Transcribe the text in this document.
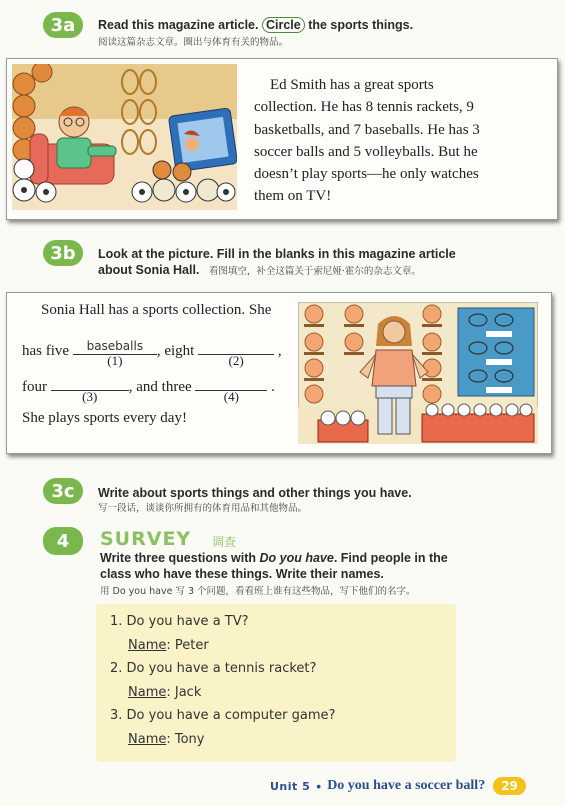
3a	Read this magazine article. Circle the sports things.
阅读这篇杂志文章。圈出与体育有关的物品。
Ed Smith has a great sports
collection. He has 8 tennis rackets, 9
basketballs, and 7 baseballs. He has 3
soccer balls and 5 volleyballs. But he
doesn’t play sports—he only watches
them on TV!
3b	Look at the picture. Fill in the blanks in this magazine article
about Sonia Hall. 看图填空，补全这篇关于索尼娅·霍尔的杂志文章。
Sonia Hall has a sports collection. She
has five	baseballs
(1)
, eight
(2)
,
four
(3)
, and three
(4)
.
She plays sports every day!
3c	Write about sports things and other things you have.
写一段话，谈谈你所拥有的体育用品和其他物品。
4	SURVEY 调查
Write three questions with Do you have. Find people in the
class who have these things. Write their names.
用 Do you have 写 3 个问题，看看班上谁有这些物品，写下他们的名字。
1. Do you have a TV?
Name: Peter
2. Do you have a tennis racket?
Name: Jack
3. Do you have a computer game?
Name: Tony
Unit 5 • Do you have a soccer ball?	29
